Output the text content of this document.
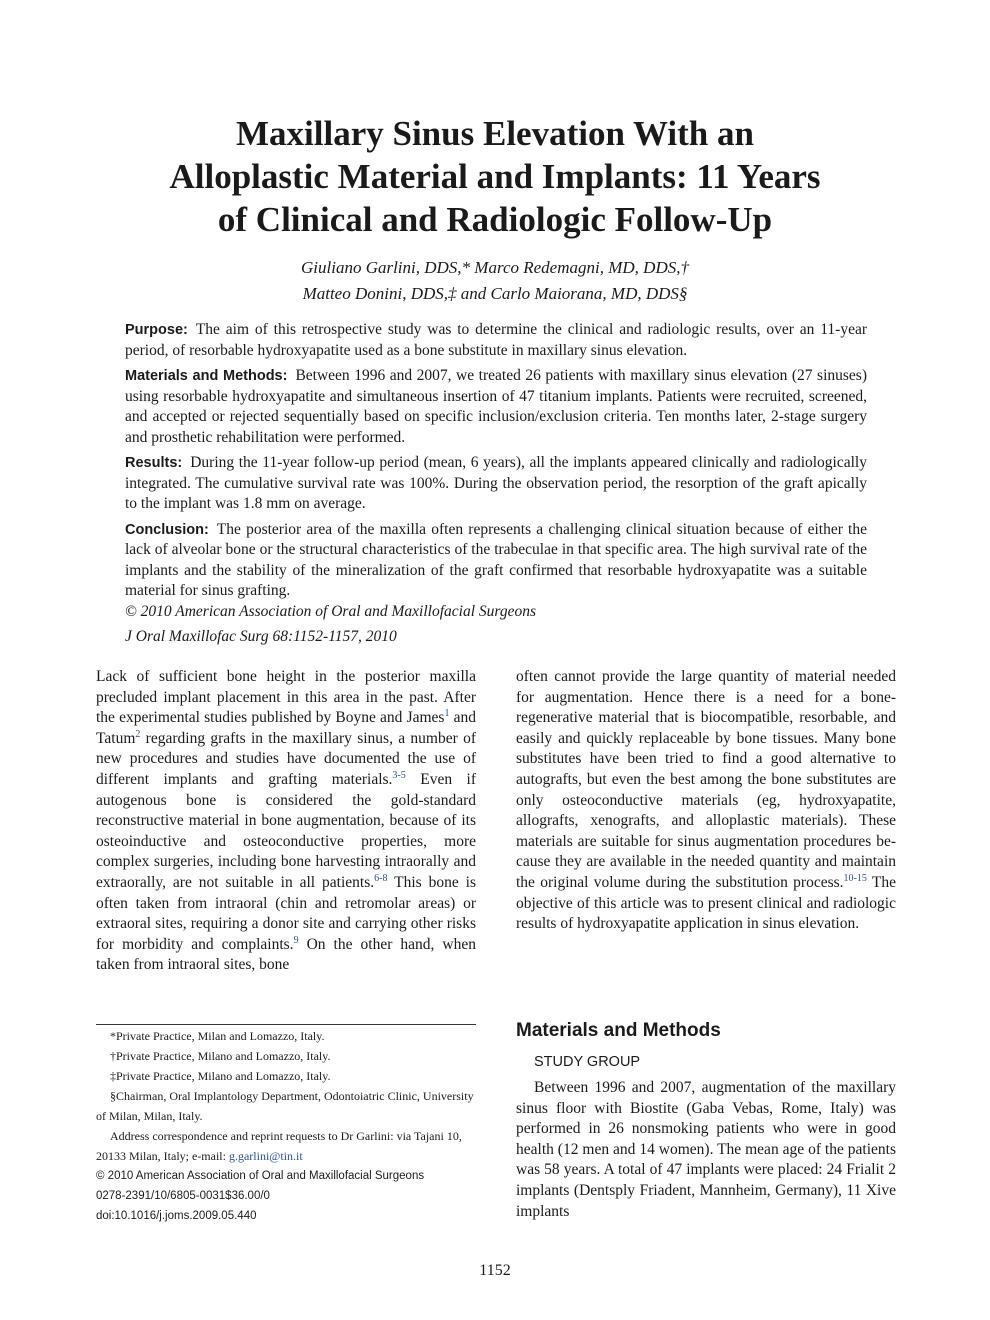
Maxillary Sinus Elevation With an
Alloplastic Material and Implants: 11 Years
of Clinical and Radiologic Follow-Up
Giuliano Garlini, DDS,* Marco Redemagni, MD, DDS,†
Matteo Donini, DDS,‡ and Carlo Maiorana, MD, DDS§

Purpose: The aim of this retrospective study was to determine the clinical and radiologic results, over an 11-year period, of resorbable hydroxyapatite used as a bone substitute in maxillary sinus elevation.

Materials and Methods: Between 1996 and 2007, we treated 26 patients with maxillary sinus elevation (27 sinuses) using resorbable hydroxyapatite and simultaneous insertion of 47 titanium implants. Patients were recruited, screened, and accepted or rejected sequentially based on specific inclusion/exclusion criteria. Ten months later, 2-stage surgery and prosthetic rehabilitation were performed.

Results: During the 11-year follow-up period (mean, 6 years), all the implants appeared clinically and radiologically integrated. The cumulative survival rate was 100%. During the observation period, the resorption of the graft apically to the implant was 1.8 mm on average.

Conclusion: The posterior area of the maxilla often represents a challenging clinical situation because of either the lack of alveolar bone or the structural characteristics of the trabeculae in that specific area. The high survival rate of the implants and the stability of the mineralization of the graft confirmed that resorbable hydroxyapatite was a suitable material for sinus grafting.

© 2010 American Association of Oral and Maxillofacial Surgeons

J Oral Maxillofac Surg 68:1152-1157, 2010

Lack of sufficient bone height in the posterior maxilla precluded implant placement in this area in the past. After the experimental studies published by Boyne and James$^1$ and Tatum$^2$ regarding grafts in the maxillary sinus, a number of new procedures and studies have documented the use of different implants and grafting materials.$^{3-5}$ Even if autogenous bone is considered the gold-standard reconstructive material in bone augmentation, because of its osteoinductive and osteoconductive properties, more complex surgeries, including bone harvesting intraorally and extraorally, are not suitable in all patients.$^{6-8}$ This bone is often taken from intraoral (chin and retromolar areas) or extraoral sites, requiring a donor site and carrying other risks for morbidity and complaints.$^9$ On the other hand, when taken from intraoral sites, bone

often cannot provide the large quantity of material needed for augmentation. Hence there is a need for a bone-regenerative material that is biocompatible, resorbable, and easily and quickly replaceable by bone tissues. Many bone substitutes have been tried to find a good alternative to autografts, but even the best among the bone substitutes are only osteoconductive materials (eg, hydroxyapatite, allografts, xenografts, and alloplastic materials). These materials are suitable for sinus augmentation procedures because they are available in the needed quantity and maintain the original volume during the substitution process.$^{10-15}$ The objective of this article was to present clinical and radiologic results of hydroxyapatite application in sinus elevation.

*Private Practice, Milan and Lomazzo, Italy.

†Private Practice, Milano and Lomazzo, Italy.

‡Private Practice, Milano and Lomazzo, Italy.

§Chairman, Oral Implantology Department, Odontoiatric Clinic, University of Milan, Milan, Italy.

Address correspondence and reprint requests to Dr Garlini: via Tajani 10, 20133 Milan, Italy; e-mail: g.garlini@tin.it

© 2010 American Association of Oral and Maxillofacial Surgeons

0278-2391/10/6805-0031$36.00/0

doi:10.1016/j.joms.2009.05.440

Materials and Methods
STUDY GROUP

Between 1996 and 2007, augmentation of the maxillary sinus floor with Biostite (Gaba Vebas, Rome, Italy) was performed in 26 nonsmoking patients who were in good health (12 men and 14 women). The mean age of the patients was 58 years. A total of 47 implants were placed: 24 Frialit 2 implants (Dentsply Friadent, Mannheim, Germany), 11 Xive implants

1152
